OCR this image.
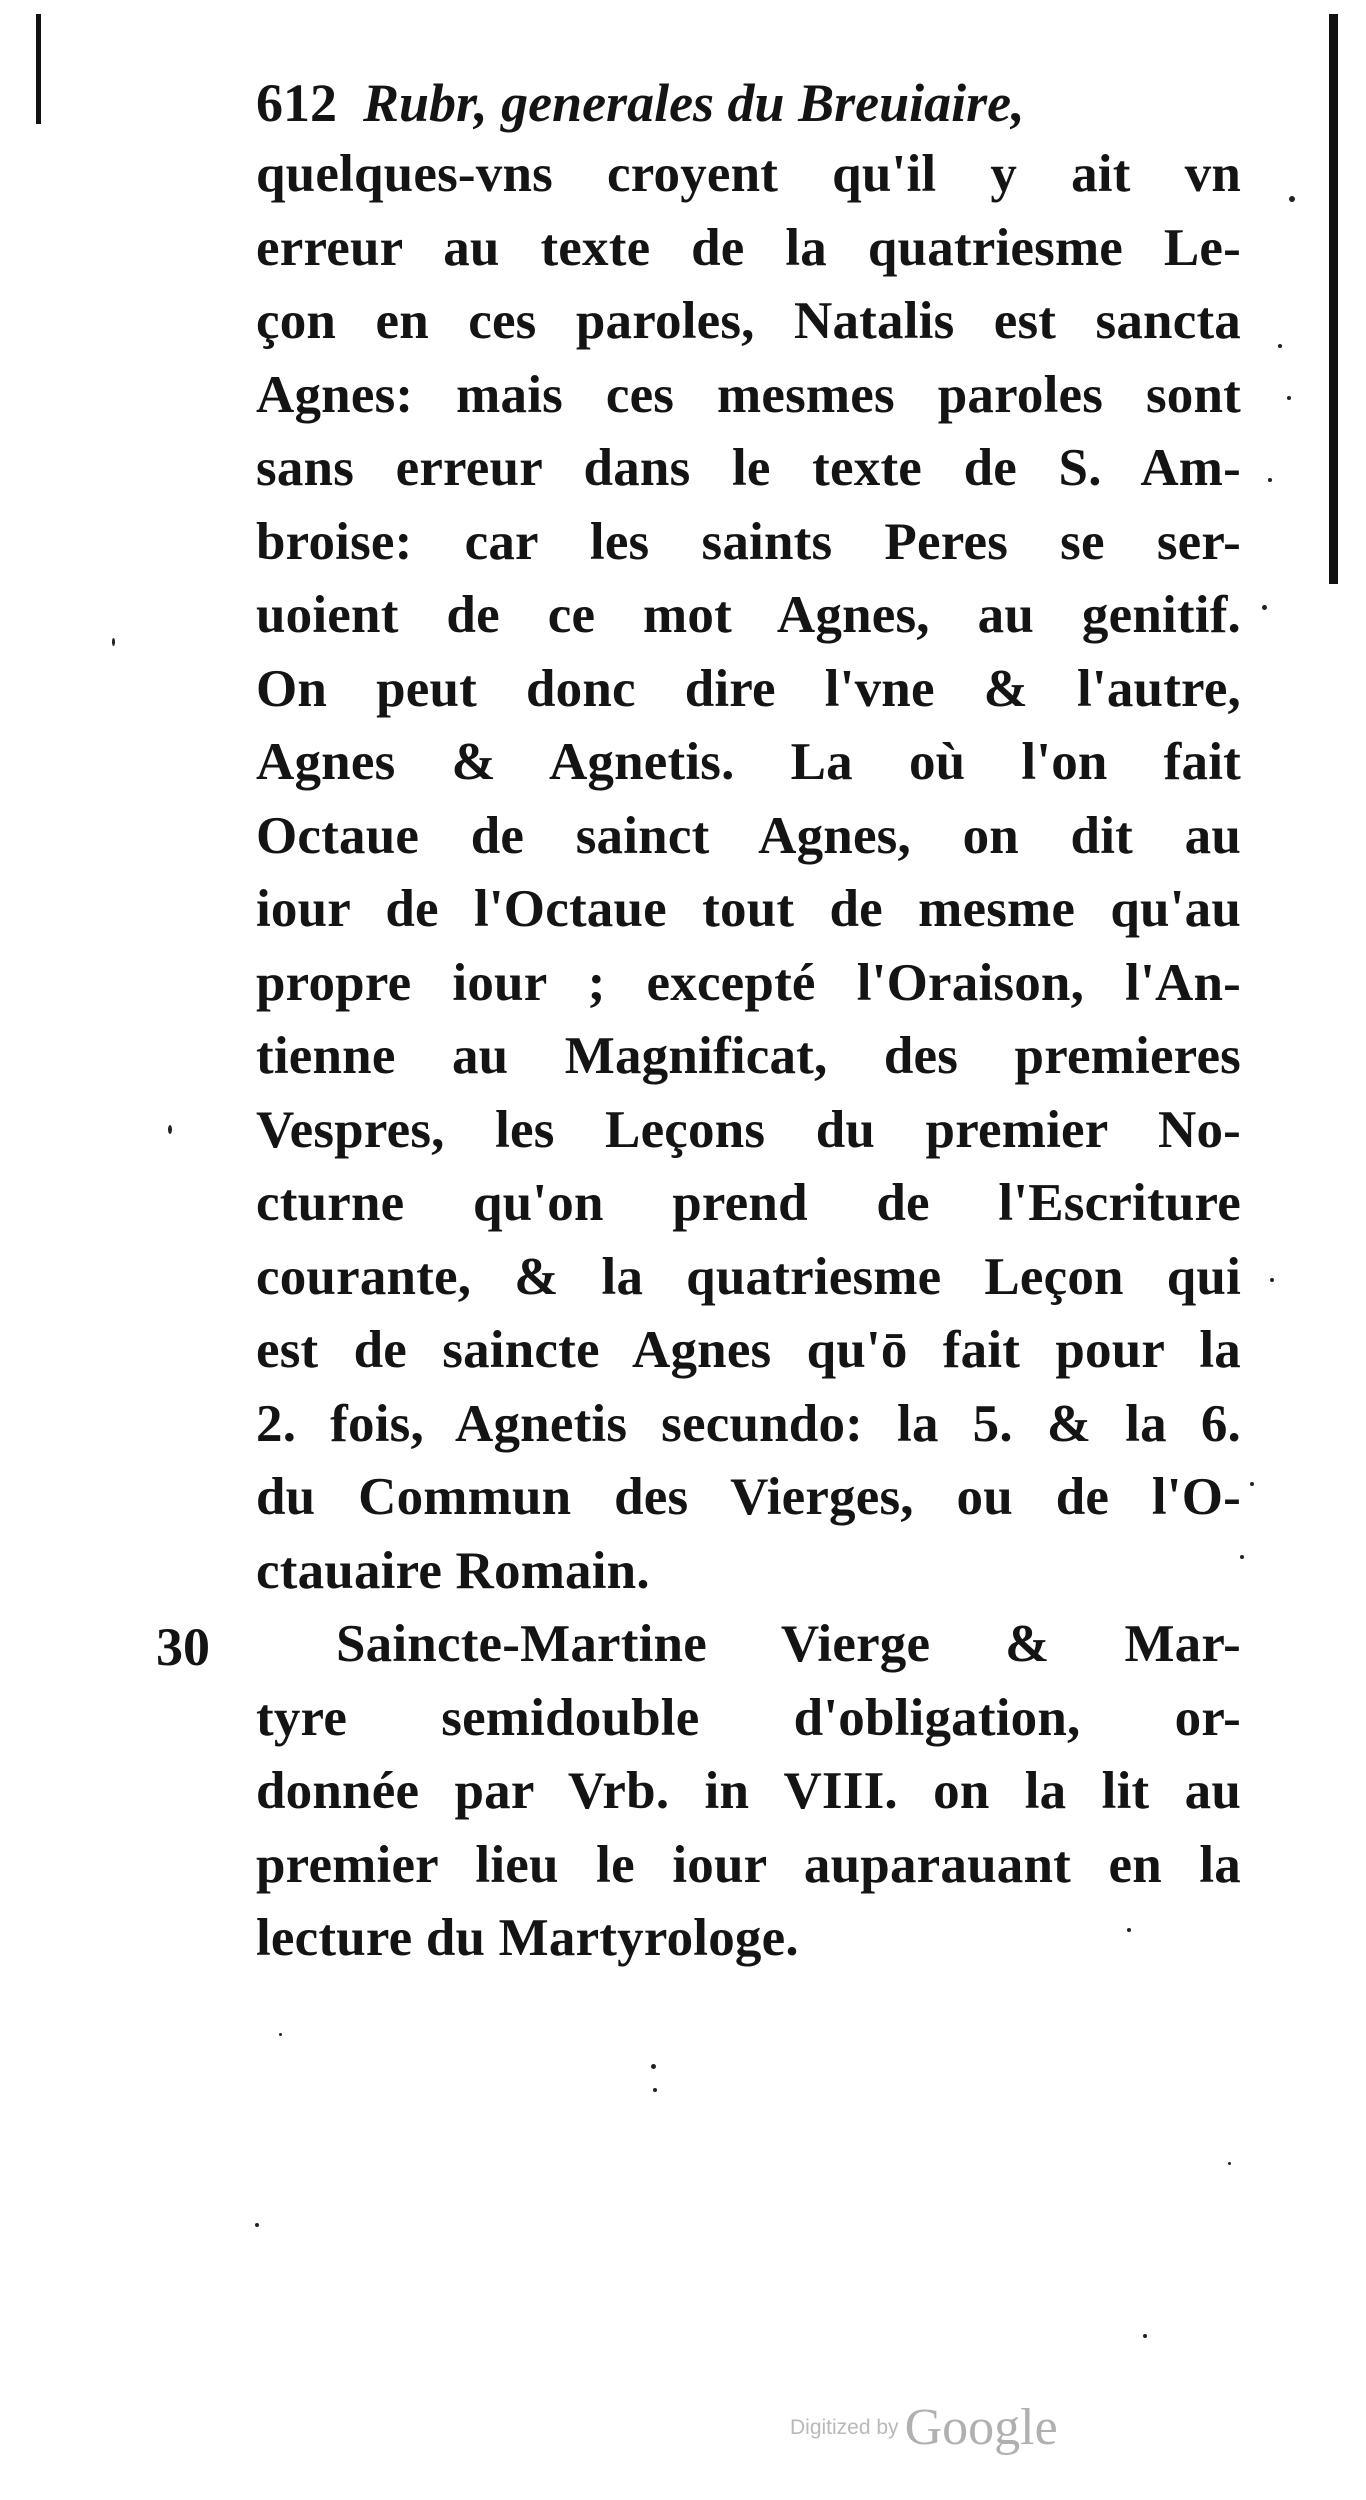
30
612 Rubr, generales du Breuiaire,
quelques-vns croyent qu'il y ait vn
erreur au texte de la quatriesme Le-
çon en ces paroles, Natalis est sancta
Agnes: mais ces mesmes paroles sont
sans erreur dans le texte de S. Am-
broise: car les saints Peres se ser-
uoient de ce mot Agnes, au genitif.
On peut donc dire l'vne & l'autre,
Agnes & Agnetis. La où l'on fait
Octaue de sainct Agnes, on dit au
iour de l'Octaue tout de mesme qu'au
propre iour ; excepté l'Oraison, l'An-
tienne au Magnificat, des premieres
Vespres, les Leçons du premier No-
cturne qu'on prend de l'Escriture
courante, & la quatriesme Leçon qui
est de saincte Agnes qu'ō fait pour la
2. fois, Agnetis secundo: la 5. & la 6.
du Commun des Vierges, ou de l'O-
ctauaire Romain.
Saincte-Martine Vierge & Mar-
tyre semidouble d'obligation, or-
donnée par Vrb. in VIII. on la lit au
premier lieu le iour auparauant en la
lecture du Martyrologe.
Digitized by Google
